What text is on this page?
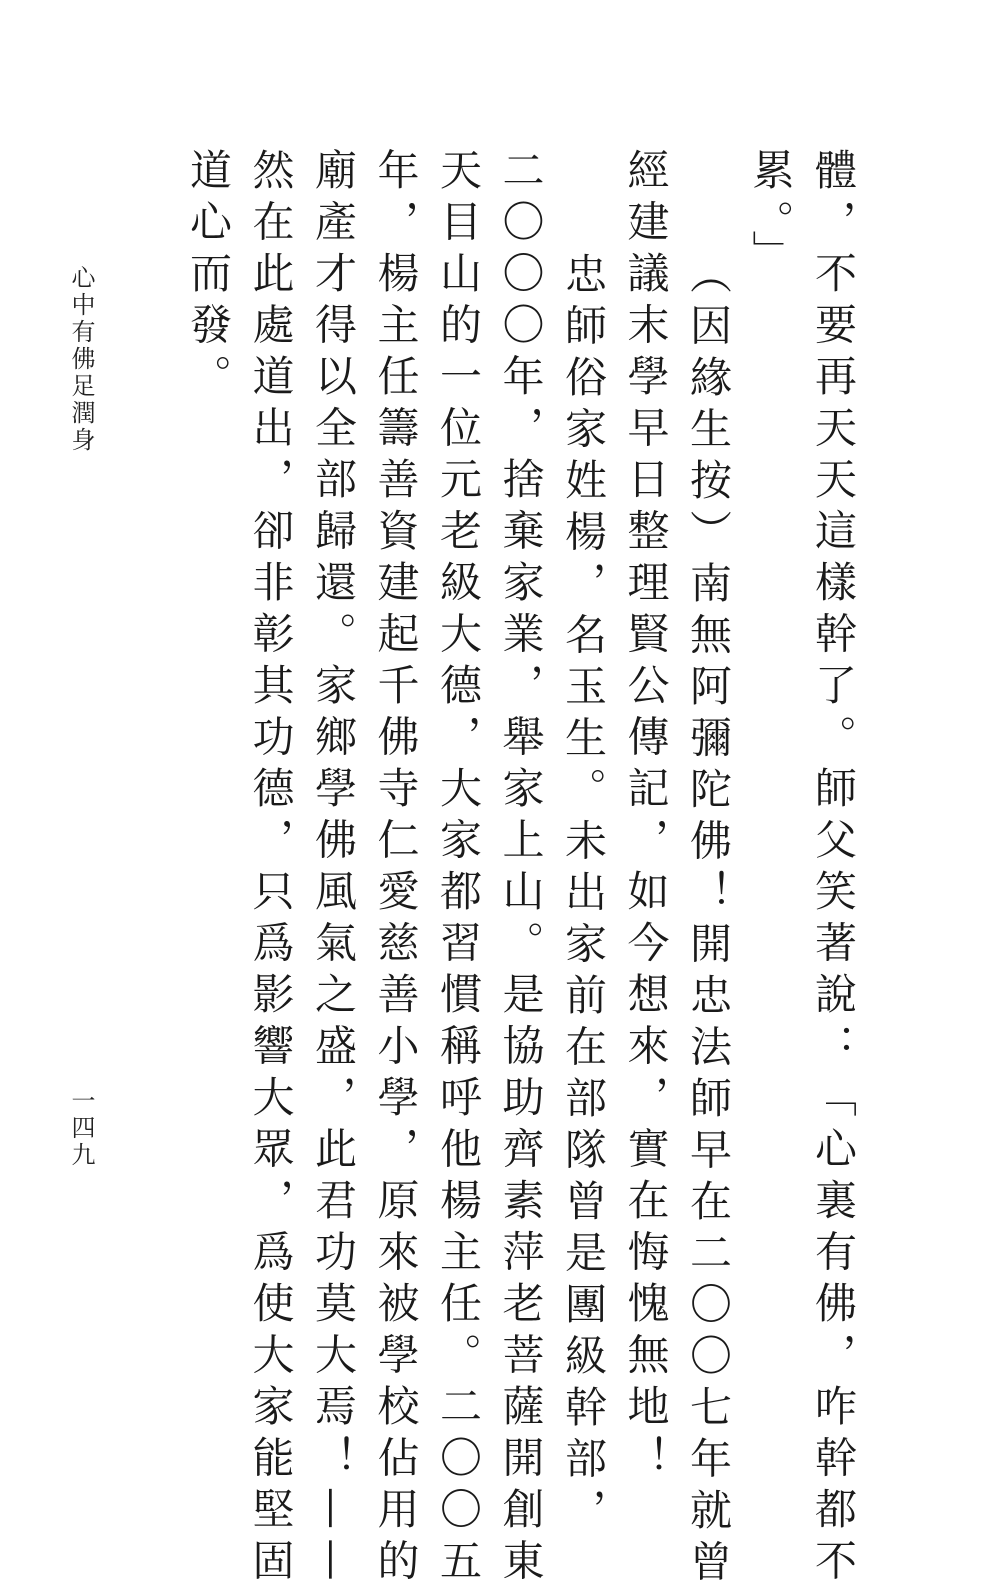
體，不要再天天這樣幹了。師父笑著說：「心裏有佛，咋幹都不
累。」
（因緣生按）南無阿彌陀佛！開忠法師早在二〇〇七年就曾
經建議末學早日整理賢公傳記，如今想來，實在悔愧無地！
忠師俗家姓楊，名玉生。未出家前在部隊曾是團級幹部，
二〇〇〇年，捨棄家業，舉家上山。是協助齊素萍老菩薩開創東
天目山的一位元老級大德，大家都習慣稱呼他楊主任。二〇〇五
年，楊主任籌善資建起千佛寺仁愛慈善小學，原來被學校佔用的
廟產才得以全部歸還。家鄉學佛風氣之盛，此君功莫大焉！——
然在此處道出，卻非彰其功德，只爲影響大眾，爲使大家能堅固
道心而發。
心中有佛足潤身
一四九
